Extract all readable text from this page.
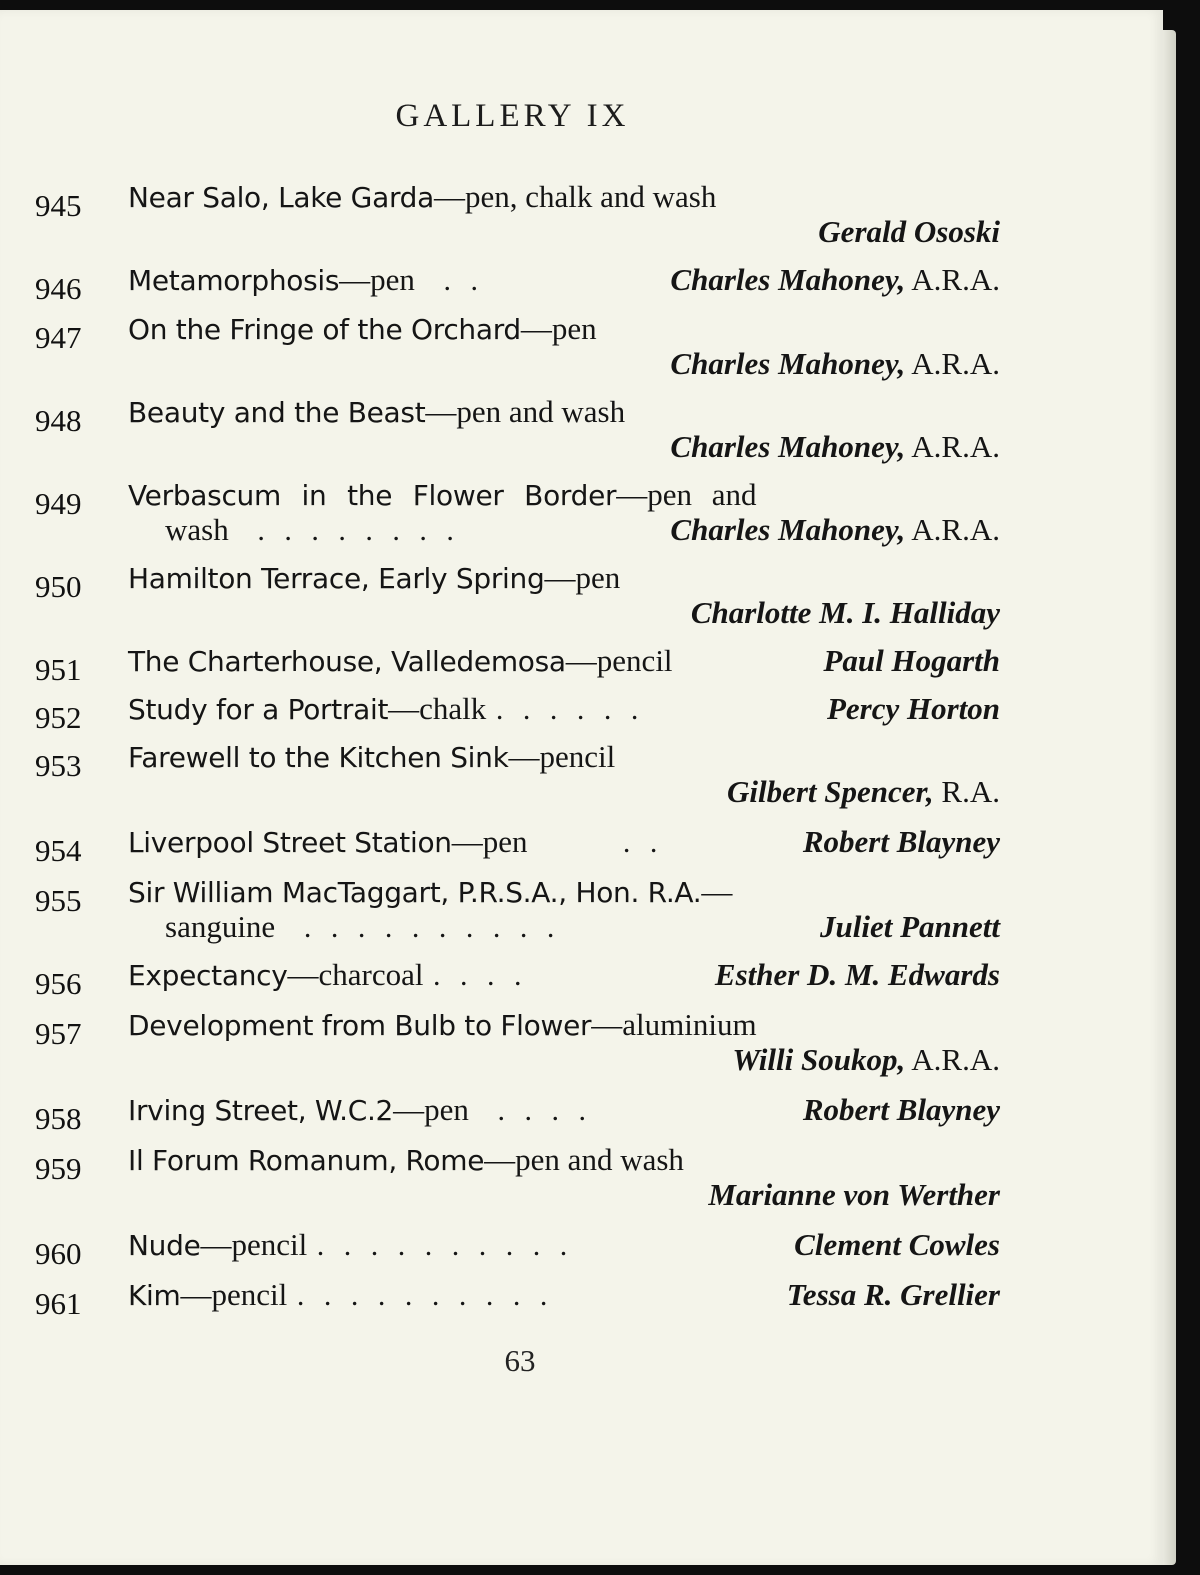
GALLERY IX
945 Near Salo, Lake Garda—pen, chalk and wash
Gerald Ososki
946 Metamorphosis—pen . .	Charles Mahoney, A.R.A.
947 On the Fringe of the Orchard—pen
Charles Mahoney, A.R.A.
948 Beauty and the Beast—pen and wash
Charles Mahoney, A.R.A.
949 Verbascum in the Flower Border—pen and
wash . . . . . . . .	Charles Mahoney, A.R.A.
950 Hamilton Terrace, Early Spring—pen
Charlotte M. I. Halliday
951 The Charterhouse, Valledemosa—pencil	Paul Hogarth
952 Study for a Portrait—chalk . . . . . .	Percy Horton
953 Farewell to the Kitchen Sink—pencil
Gilbert Spencer, R.A.
954 Liverpool Street Station—pen	. .	Robert Blayney
955 Sir William MacTaggart, P.R.S.A., Hon. R.A.—
sanguine . . . . . . . . . .	Juliet Pannett
956 Expectancy—charcoal . . . .	Esther D. M. Edwards
957 Development from Bulb to Flower—aluminium
Willi Soukop, A.R.A.
958 Irving Street, W.C.2—pen . . . .	Robert Blayney
959 Il Forum Romanum, Rome—pen and wash
Marianne von Werther
960 Nude—pencil . . . . . . . . . .	Clement Cowles
961 Kim—pencil . . . . . . . . . .	Tessa R. Grellier
63
